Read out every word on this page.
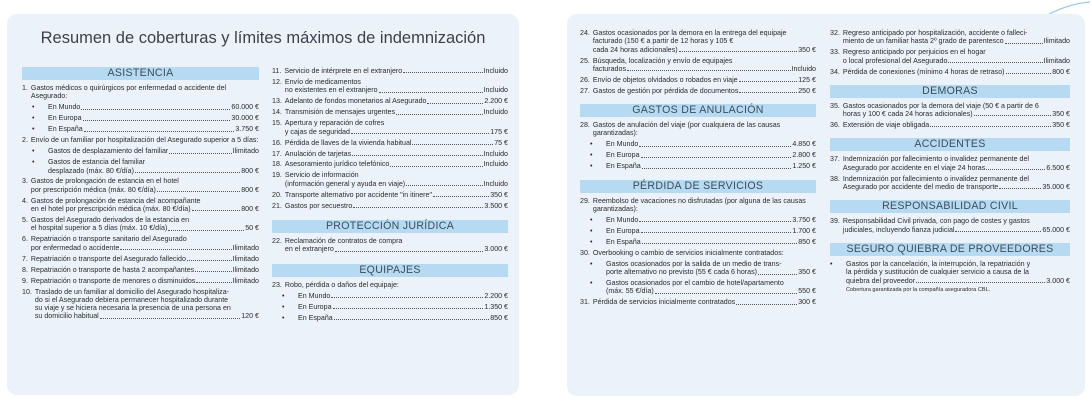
Resumen de coberturas y límites máximos de indemnización
ASISTENCIA
1. Gastos médicos o quirúrgicos por enfermedad o accidente del Asegurado:
•	En Mundo	60.000 €
•	En Europa	30.000 €
•	En España	3.750 €
2. Envío de un familiar por hospitalización del Asegurado superior a 5 días:
•	Gastos de desplazamiento del familiar	Ilimitado
•	Gastos de estancia del familiar
desplazado (máx. 80 €/día)	800 €
3. Gastos de prolongación de estancia en el hotel
por prescripción médica (máx. 80 €/día)	800 €
4. Gastos de prolongación de estancia del acompañante
en el hotel por prescripción médica (máx. 80 €/día)	800 €
5. Gastos del Asegurado derivados de la estancia en
el hospital superior a 5 días (máx. 10 €/día)	50 €
6. Repatriación o transporte sanitario del Asegurado
por enfermedad o accidente	Ilimitado
7. Repatriación o transporte del Asegurado fallecido	Ilimitado
8. Repatriación o transporte de hasta 2 acompañantes	Ilimitado
9. Repatriación o transporte de menores o disminuidos	Ilimitado
10. Traslado de un familiar al domicilio del Asegurado hospitaliza-
do si el Asegurado debiera permanecer hospitalizado durante
su viaje y se hiciera necesaria la presencia de una persona en
su domicilio habitual	120 €
11. Servicio de intérprete en el extranjero	Incluido
12. Envío de medicamentos
no existentes en el extranjero	Incluido
13. Adelanto de fondos monetarios al Asegurado	2.200 €
14. Transmisión de mensajes urgentes	Incluido
15. Apertura y reparación de cofres
y cajas de seguridad	175 €
16. Pérdida de llaves de la vivienda habitual	75 €
17. Anulación de tarjetas	Incluido
18. Asesoramiento jurídico telefónico	Incluido
19. Servicio de información
(información general y ayuda en viaje)	Incluido
20. Transporte alternativo por accidente "in itinere"	350 €
21. Gastos por secuestro	3.500 €
PROTECCIÓN JURÍDICA
22. Reclamación de contratos de compra
en el extranjero	3.000 €
EQUIPAJES
23. Robo, pérdida o daños del equipaje:
•	En Mundo	2.200 €
•	En Europa	1.350 €
•	En España	850 €
24. Gastos ocasionados por la demora en la entrega del equipaje
facturado (150 € a partir de 12 horas y 105 €
cada 24 horas adicionales)	350 €
25. Búsqueda, localización y envío de equipajes
facturados	Incluido
26. Envío de objetos olvidados o robados en viaje	125 €
27. Gastos de gestión por pérdida de documentos	250 €
GASTOS DE ANULACIÓN
28. Gastos de anulación del viaje (por cualquiera de las causas garantizadas):
•	En Mundo	4.850 €
•	En Europa	2.800 €
•	En España	1.250 €
PÉRDIDA DE SERVICIOS
29. Reembolso de vacaciones no disfrutadas (por alguna de las causas garantizadas):
•	En Mundo	3.750 €
•	En Europa	1.700 €
•	En España	850 €
30. Overbooking o cambio de servicios inicialmente contratados:
•	Gastos ocasionados por la salida de un medio de trans-
porte alternativo no previsto (55 € cada 6 horas)	350 €
•	Gastos ocasionados por el cambio de hotel/apartamento
(máx. 55 €/día)	550 €
31. Pérdida de servicios inicialmente contratados	300 €
32. Regreso anticipado por hospitalización, accidente o falleci-
miento de un familiar hasta 2º grado de parentesco	Ilimitado
33. Regreso anticipado por perjuicios en el hogar
o local profesional del Asegurado	Ilimitado
34. Pérdida de conexiones (mínimo 4 horas de retraso)	800 €
DEMORAS
35. Gastos ocasionados por la demora del viaje (50 € a partir de 6
horas y 100 € cada 24 horas adicionales)	350 €
36. Extensión de viaje obligada	350 €
ACCIDENTES
37. Indemnización por fallecimiento o invalidez permanente del
Asegurado por accidente en el viaje 24 horas	6.500 €
38. Indemnización por fallecimiento o invalidez permanente del
Asegurado por accidente del medio de transporte	35.000 €
RESPONSABILIDAD CIVIL
39. Responsabilidad Civil privada, con pago de costes y gastos
judiciales, incluyendo fianza judicial	65.000 €
SEGURO QUIEBRA DE PROVEEDORES
•	Gastos por la cancelación, la interrupción, la repatriación y
la pérdida y sustitución de cualquier servicio a causa de la
quiebra del proveedor	3.000 €
Cobertura garantizada por la compañía aseguradora CBL.
